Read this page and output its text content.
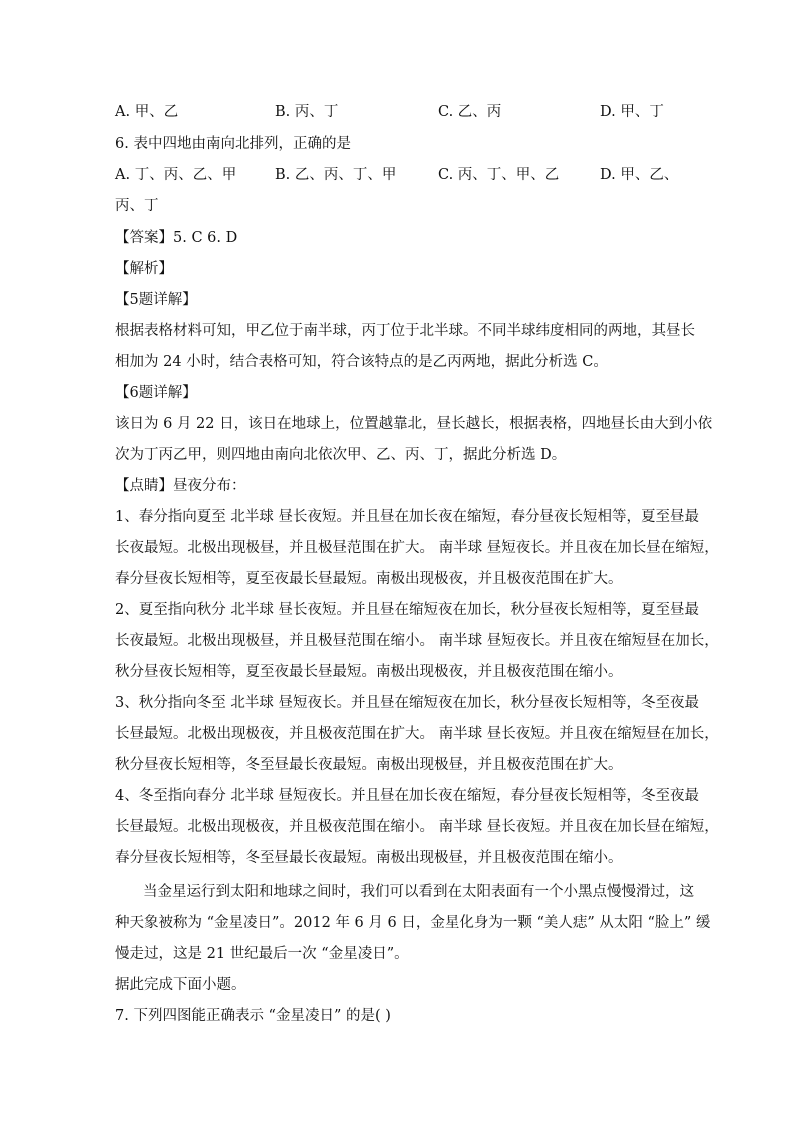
A. 甲、乙	B. 丙、丁	C. 乙、丙	D. 甲、丁
6. 表中四地由南向北排列，正确的是
A. 丁、丙、乙、甲	B. 乙、丙、丁、甲	C. 丙、丁、甲、乙	D. 甲、乙、
丙、丁
【答案】5. C 6. D
【解析】
【5题详解】
根据表格材料可知，甲乙位于南半球，丙丁位于北半球。不同半球纬度相同的两地，其昼长
相加为 24 小时，结合表格可知，符合该特点的是乙丙两地，据此分析选 C。
【6题详解】
该日为 6 月 22 日，该日在地球上，位置越靠北，昼长越长，根据表格，四地昼长由大到小依
次为丁丙乙甲，则四地由南向北依次甲、乙、丙、丁，据此分析选 D。
【点睛】昼夜分布：
1、春分指向夏至 北半球 昼长夜短。并且昼在加长夜在缩短，春分昼夜长短相等，夏至昼最
长夜最短。北极出现极昼，并且极昼范围在扩大。 南半球 昼短夜长。并且夜在加长昼在缩短，
春分昼夜长短相等，夏至夜最长昼最短。南极出现极夜，并且极夜范围在扩大。
2、夏至指向秋分 北半球 昼长夜短。并且昼在缩短夜在加长，秋分昼夜长短相等，夏至昼最
长夜最短。北极出现极昼，并且极昼范围在缩小。 南半球 昼短夜长。并且夜在缩短昼在加长，
秋分昼夜长短相等，夏至夜最长昼最短。南极出现极夜，并且极夜范围在缩小。
3、秋分指向冬至 北半球 昼短夜长。并且昼在缩短夜在加长，秋分昼夜长短相等，冬至夜最
长昼最短。北极出现极夜，并且极夜范围在扩大。 南半球 昼长夜短。并且夜在缩短昼在加长，
秋分昼夜长短相等，冬至昼最长夜最短。南极出现极昼，并且极夜范围在扩大。
4、冬至指向春分 北半球 昼短夜长。并且昼在加长夜在缩短，春分昼夜长短相等，冬至夜最
长昼最短。北极出现极夜，并且极夜范围在缩小。 南半球 昼长夜短。并且夜在加长昼在缩短，
春分昼夜长短相等，冬至昼最长夜最短。南极出现极昼，并且极夜范围在缩小。
当金星运行到太阳和地球之间时，我们可以看到在太阳表面有一个小黑点慢慢滑过，这
种天象被称为 “金星凌日”。2012 年 6 月 6 日，金星化身为一颗 “美人痣” 从太阳 “脸上” 缓
慢走过，这是 21 世纪最后一次 “金星凌日”。
据此完成下面小题。
7. 下列四图能正确表示 “金星凌日” 的是( )
